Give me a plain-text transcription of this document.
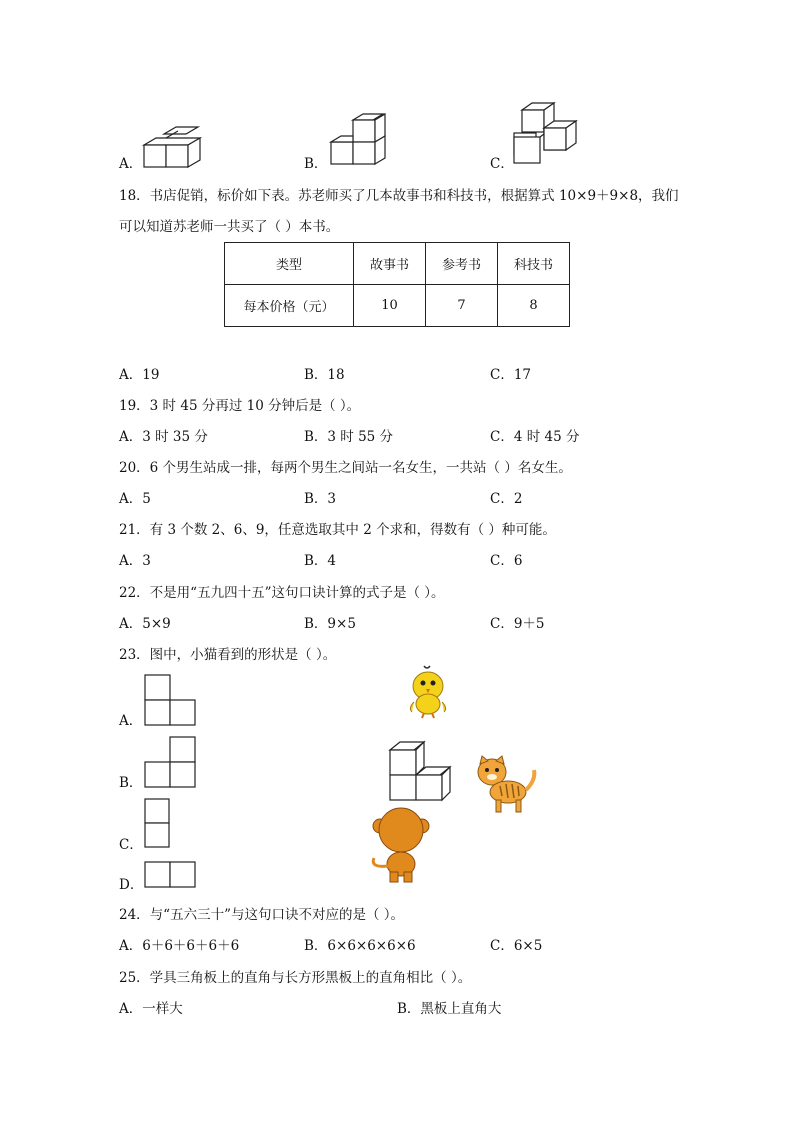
A．	B．	C．
18．书店促销，标价如下表。苏老师买了几本故事书和科技书，根据算式 10×9＋9×8，我们
可以知道苏老师一共买了（ ）本书。
类型	故事书	参考书	科技书
每本价格（元）	10	7	8
A．19	B．18	C．17
19．3 时 45 分再过 10 分钟后是（ ）。
A．3 时 35 分	B．3 时 55 分	C．4 时 45 分
20．6 个男生站成一排，每两个男生之间站一名女生，一共站（ ）名女生。
A．5	B．3	C．2
21．有 3 个数 2、6、9，任意选取其中 2 个求和，得数有（ ）种可能。
A．3	B．4	C．6
22．不是用“五九四十五”这句口诀计算的式子是（ ）。
A．5×9	B．9×5	C．9＋5
23．图中，小猫看到的形状是（ ）。
A．
B．
C．
D．
24．与“五六三十”与这句口诀不对应的是（ ）。
A．6＋6＋6＋6＋6	B．6×6×6×6×6	C．6×5
25．学具三角板上的直角与长方形黑板上的直角相比（ ）。
A．一样大	B．黑板上直角大
